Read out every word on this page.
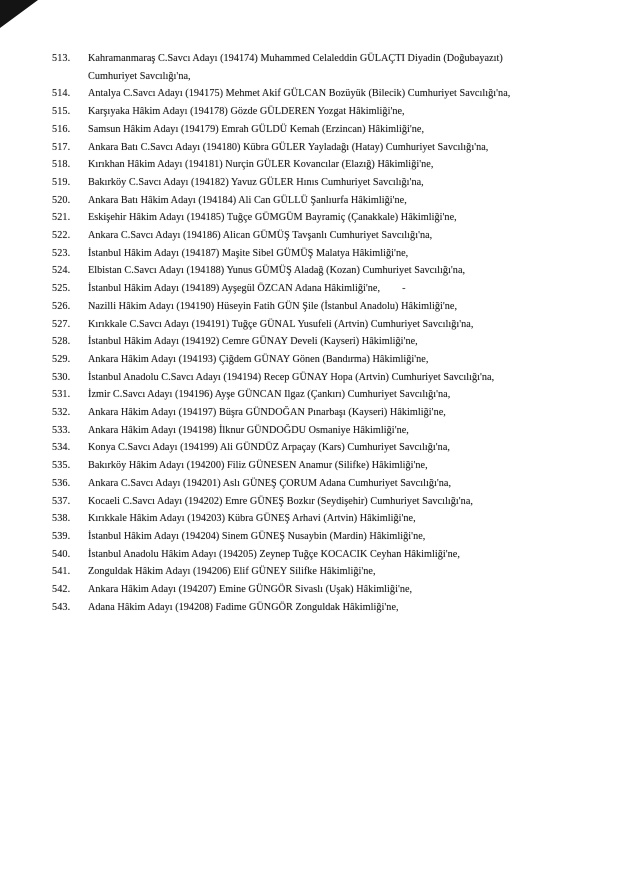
513.	Kahramanmaraş C.Savcı Adayı (194174) Muhammed Celaleddin GÜLAÇTI Diyadin (Doğubayazıt)
Cumhuriyet Savcılığı'na,
514.	Antalya C.Savcı Adayı (194175) Mehmet Akif GÜLCAN Bozüyük (Bilecik) Cumhuriyet Savcılığı'na,
515.	Karşıyaka Hâkim Adayı (194178) Gözde GÜLDEREN Yozgat Hâkimliği'ne,
516.	Samsun Hâkim Adayı (194179) Emrah GÜLDÜ Kemah (Erzincan) Hâkimliği'ne,
517.	Ankara Batı C.Savcı Adayı (194180) Kübra GÜLER Yayladağı (Hatay) Cumhuriyet Savcılığı'na,
518.	Kırıkhan Hâkim Adayı (194181) Nurçin GÜLER Kovancılar (Elazığ) Hâkimliği'ne,
519.	Bakırköy C.Savcı Adayı (194182) Yavuz GÜLER Hınıs Cumhuriyet Savcılığı'na,
520.	Ankara Batı Hâkim Adayı (194184) Ali Can GÜLLÜ Şanlıurfa Hâkimliği'ne,
521.	Eskişehir Hâkim Adayı (194185) Tuğçe GÜMGÜM Bayramiç (Çanakkale) Hâkimliği'ne,
522.	Ankara C.Savcı Adayı (194186) Alican GÜMÜŞ Tavşanlı Cumhuriyet Savcılığı'na,
523.	İstanbul Hâkim Adayı (194187) Maşite Sibel GÜMÜŞ Malatya Hâkimliği'ne,
524.	Elbistan C.Savcı Adayı (194188) Yunus GÜMÜŞ Aladağ (Kozan) Cumhuriyet Savcılığı'na,
525.	İstanbul Hâkim Adayı (194189) Ayşegül ÖZCAN Adana Hâkimliği'ne, -
526.	Nazilli Hâkim Adayı (194190) Hüseyin Fatih GÜN Şile (İstanbul Anadolu) Hâkimliği'ne,
527.	Kırıkkale C.Savcı Adayı (194191) Tuğçe GÜNAL Yusufeli (Artvin) Cumhuriyet Savcılığı'na,
528.	İstanbul Hâkim Adayı (194192) Cemre GÜNAY Develi (Kayseri) Hâkimliği'ne,
529.	Ankara Hâkim Adayı (194193) Çiğdem GÜNAY Gönen (Bandırma) Hâkimliği'ne,
530.	İstanbul Anadolu C.Savcı Adayı (194194) Recep GÜNAY Hopa (Artvin) Cumhuriyet Savcılığı'na,
531.	İzmir C.Savcı Adayı (194196) Ayşe GÜNCAN Ilgaz (Çankırı) Cumhuriyet Savcılığı'na,
532.	Ankara Hâkim Adayı (194197) Büşra GÜNDOĞAN Pınarbaşı (Kayseri) Hâkimliği'ne,
533.	Ankara Hâkim Adayı (194198) İlknur GÜNDOĞDU Osmaniye Hâkimliği'ne,
534.	Konya C.Savcı Adayı (194199) Ali GÜNDÜZ Arpaçay (Kars) Cumhuriyet Savcılığı'na,
535.	Bakırköy Hâkim Adayı (194200) Filiz GÜNESEN Anamur (Silifke) Hâkimliği'ne,
536.	Ankara C.Savcı Adayı (194201) Aslı GÜNEŞ ÇORUM Adana Cumhuriyet Savcılığı'na,
537.	Kocaeli C.Savcı Adayı (194202) Emre GÜNEŞ Bozkır (Seydişehir) Cumhuriyet Savcılığı'na,
538.	Kırıkkale Hâkim Adayı (194203) Kübra GÜNEŞ Arhavi (Artvin) Hâkimliği'ne,
539.	İstanbul Hâkim Adayı (194204) Sinem GÜNEŞ Nusaybin (Mardin) Hâkimliği'ne,
540.	İstanbul Anadolu Hâkim Adayı (194205) Zeynep Tuğçe KOCACIK Ceyhan Hâkimliği'ne,
541.	Zonguldak Hâkim Adayı (194206) Elif GÜNEY Silifke Hâkimliği'ne,
542.	Ankara Hâkim Adayı (194207) Emine GÜNGÖR Sivaslı (Uşak) Hâkimliği'ne,
543.	Adana Hâkim Adayı (194208) Fadime GÜNGÖR Zonguldak Hâkimliği'ne,
